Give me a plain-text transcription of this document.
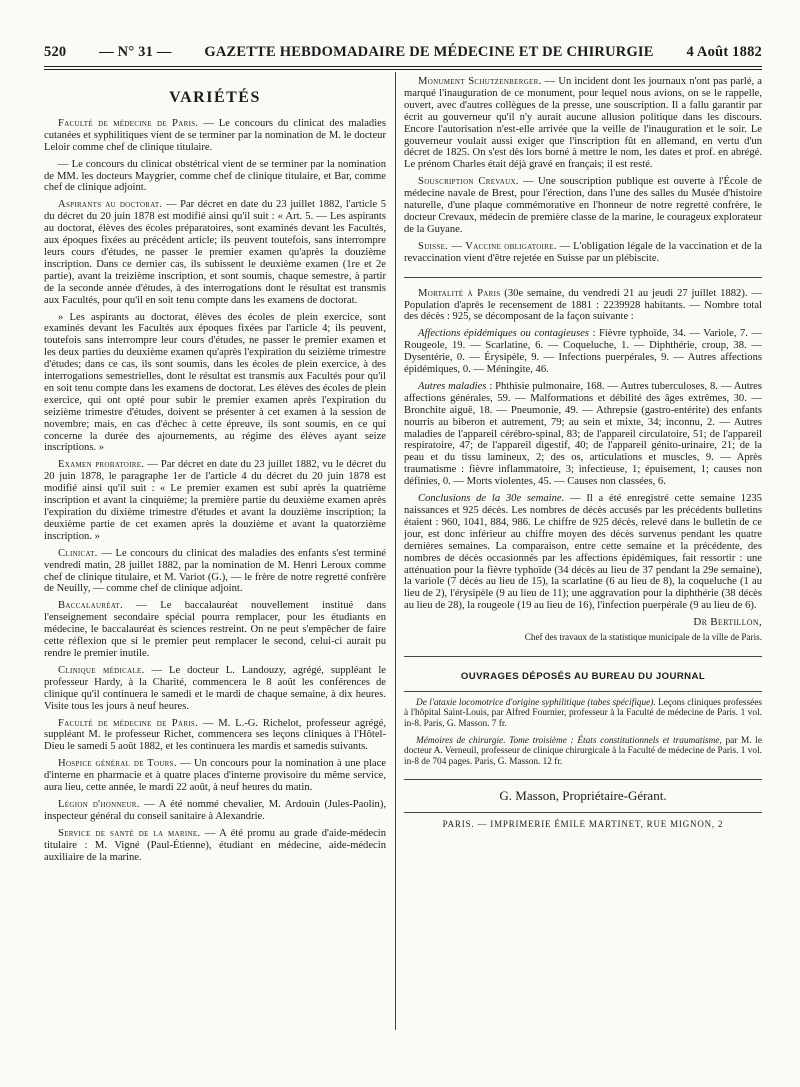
520 — N° 31 — GAZETTE HEBDOMADAIRE DE MÉDECINE ET DE CHIRURGIE 4 Août 1882
VARIÉTÉS

Faculté de médecine de Paris. — Le concours du clinicat des maladies cutanées et syphilitiques vient de se terminer par la nomination de M. le docteur Leloir comme chef de clinique titulaire.

— Le concours du clinicat obstétrical vient de se terminer par la nomination de MM. les docteurs Maygrier, comme chef de clinique titulaire, et Bar, comme chef de clinique adjoint.

Aspirants au doctorat. — Par décret en date du 23 juillet 1882, l'article 5 du décret du 20 juin 1878 est modifié ainsi qu'il suit : « Art. 5. — Les aspirants au doctorat, élèves des écoles préparatoires, sont examinés devant les Facultés, aux époques fixées au précédent article; ils peuvent toutefois, sans interrompre leurs cours d'études, ne passer le premier examen qu'après la douzième inscription. Dans ce dernier cas, ils subissent le deuxième examen (1re et 2e partie), avant la treizième inscription, et sont soumis, chaque semestre, à partir de la seconde année d'études, à des interrogations dont le résultat est transmis aux Facultés, pour qu'il en soit tenu compte dans les examens de doctorat.

» Les aspirants au doctorat, élèves des écoles de plein exercice, sont examinés devant les Facultés aux époques fixées par l'article 4; ils peuvent, toutefois sans interrompre leur cours d'études, ne passer le premier examen et les deux parties du deuxième examen qu'après l'expiration du seizième trimestre d'études; dans ce cas, ils sont soumis, dans les écoles de plein exercice, à des interrogations semestrielles, dont le résultat est transmis aux Facultés pour qu'il en soit tenu compte dans les examens de doctorat. Les élèves des écoles de plein exercice, qui ont opté pour subir le premier examen après l'expiration du seizième trimestre d'études, doivent se présenter à cet examen à la session de novembre; mais, en cas d'échec à cette épreuve, ils sont soumis, en ce qui concerne la durée des ajournements, au régime des élèves ayant seize inscriptions. »

Examen probatoire. — Par décret en date du 23 juillet 1882, vu le décret du 20 juin 1878, le paragraphe 1er de l'article 4 du décret du 20 juin 1878 est modifié ainsi qu'il suit : « Le premier examen est subi après la quatrième inscription et avant la cinquième; la première partie du deuxième examen après l'expiration du dixième trimestre d'études et avant la douzième inscription; la deuxième partie de cet examen après la douzième et avant la quatorzième inscription. »

Clinicat. — Le concours du clinicat des maladies des enfants s'est terminé vendredi matin, 28 juillet 1882, par la nomination de M. Henri Leroux comme chef de clinique titulaire, et M. Variot (G.), — le frère de notre regretté confrère de Neuilly, — comme chef de clinique adjoint.

Baccalauréat. — Le baccalauréat nouvellement institué dans l'enseignement secondaire spécial pourra remplacer, pour les étudiants en médecine, le baccalauréat ès sciences restreint. On ne peut s'empêcher de faire cette réflexion que si le premier peut remplacer le second, celui-ci aurait pu rendre le premier inutile.

Clinique médicale. — Le docteur L. Landouzy, agrégé, suppléant le professeur Hardy, à la Charité, commencera le 8 août les conférences de clinique qu'il continuera le samedi et le mardi de chaque semaine, à dix heures. Visite tous les jours à neuf heures.

Faculté de médecine de Paris. — M. L.-G. Richelot, professeur agrégé, suppléant M. le professeur Richet, commencera ses leçons cliniques à l'Hôtel-Dieu le samedi 5 août 1882, et les continuera les mardis et samedis suivants.

Hospice général de Tours. — Un concours pour la nomination à une place d'interne en pharmacie et à quatre places d'interne provisoire du même service, aura lieu, cette année, le mardi 22 août, à neuf heures du matin.

Légion d'honneur. — A été nommé chevalier, M. Ardouin (Jules-Paolin), inspecteur général du conseil sanitaire à Alexandrie.

Service de santé de la marine. — A été promu au grade d'aide-médecin titulaire : M. Vigné (Paul-Étienne), étudiant en médecine, aide-médecin auxiliaire de la marine.

Monument Schutzenberger. — Un incident dont les journaux n'ont pas parlé, a marqué l'inauguration de ce monument, pour lequel nous avions, on se le rappelle, ouvert, avec d'autres collègues de la presse, une souscription. Il a fallu garantir par écrit au gouverneur qu'il n'y aurait aucune allusion politique dans les discours. Encore l'autorisation n'est-elle arrivée que la veille de l'inauguration et le soir. Le gouverneur voulait aussi exiger que l'inscription fût en allemand, en vertu d'un décret de 1825. On s'est dès lors borné à mettre le nom, les dates et prof. en abrégé. Le prénom Charles était déjà gravé en français; il est resté.

Souscription Crevaux. — Une souscription publique est ouverte à l'École de médecine navale de Brest, pour l'érection, dans l'une des salles du Musée d'histoire naturelle, d'une plaque commémorative en l'honneur de notre regretté confrère, le docteur Crevaux, médecin de première classe de la marine, le courageux explorateur de la Guyane.

Suisse. — Vaccine obligatoire. — L'obligation légale de la vaccination et de la revaccination vient d'être rejetée en Suisse par un plébiscite.

Mortalité à Paris (30e semaine, du vendredi 21 au jeudi 27 juillet 1882). — Population d'après le recensement de 1881 : 2239928 habitants. — Nombre total des décès : 925, se décomposant de la façon suivante :

Affections épidémiques ou contagieuses : Fièvre typhoïde, 34. — Variole, 7. — Rougeole, 19. — Scarlatine, 6. — Coqueluche, 1. — Diphthérie, croup, 38. — Dysentérie, 0. — Érysipèle, 9. — Infections puerpérales, 9. — Autres affections épidémiques, 0. — Méningite, 46.

Autres maladies : Phthisie pulmonaire, 168. — Autres tuberculoses, 8. — Autres affections générales, 59. — Malformations et débilité des âges extrêmes, 30. — Bronchite aiguë, 18. — Pneumonie, 49. — Athrepsie (gastro-entérite) des enfants nourris au biberon et autrement, 79; au sein et mixte, 34; inconnu, 2. — Autres maladies de l'appareil cérébro-spinal, 83; de l'appareil circulatoire, 51; de l'appareil respiratoire, 47; de l'appareil digestif, 40; de l'appareil génito-urinaire, 21; de la peau et du tissu lamineux, 2; des os, articulations et muscles, 9. — Après traumatisme : fièvre inflammatoire, 3; infectieuse, 1; épuisement, 1; causes non définies, 0. — Morts violentes, 45. — Causes non classées, 6.

Conclusions de la 30e semaine. — Il a été enregistré cette semaine 1235 naissances et 925 décès. Les nombres de décès accusés par les précédents bulletins étaient : 960, 1041, 884, 986. Le chiffre de 925 décès, relevé dans le bulletin de ce jour, est donc inférieur au chiffre moyen des décès survenus pendant les quatre dernières semaines. La comparaison, entre cette semaine et la précédente, des nombres de décès occasionnés par les affections épidémiques, fait ressortir : une atténuation pour la fièvre typhoïde (34 décès au lieu de 37 pendant la 29e semaine), la variole (7 décès au lieu de 15), la scarlatine (6 au lieu de 8), la coqueluche (1 au lieu de 2), l'érysipèle (9 au lieu de 11); une aggravation pour la diphthérie (38 décès au lieu de 28), la rougeole (19 au lieu de 16), l'infection puerpérale (9 au lieu de 6).

Dr Bertillon,

Chef des travaux de la statistique municipale de la ville de Paris.

OUVRAGES DÉPOSÉS AU BUREAU DU JOURNAL

De l'ataxie locomotrice d'origine syphilitique (tabes spécifique). Leçons cliniques professées à l'hôpital Saint-Louis, par Alfred Fournier, professeur à la Faculté de médecine de Paris. 1 vol. in-8. Paris, G. Masson. 7 fr.

Mémoires de chirurgie. Tome troisième : États constitutionnels et traumatisme, par M. le docteur A. Verneuil, professeur de clinique chirurgicale à la Faculté de médecine de Paris. 1 vol. in-8 de 704 pages. Paris, G. Masson. 12 fr.

G. Masson, Propriétaire-Gérant.

PARIS. — IMPRIMERIE ÉMILE MARTINET, RUE MIGNON, 2
